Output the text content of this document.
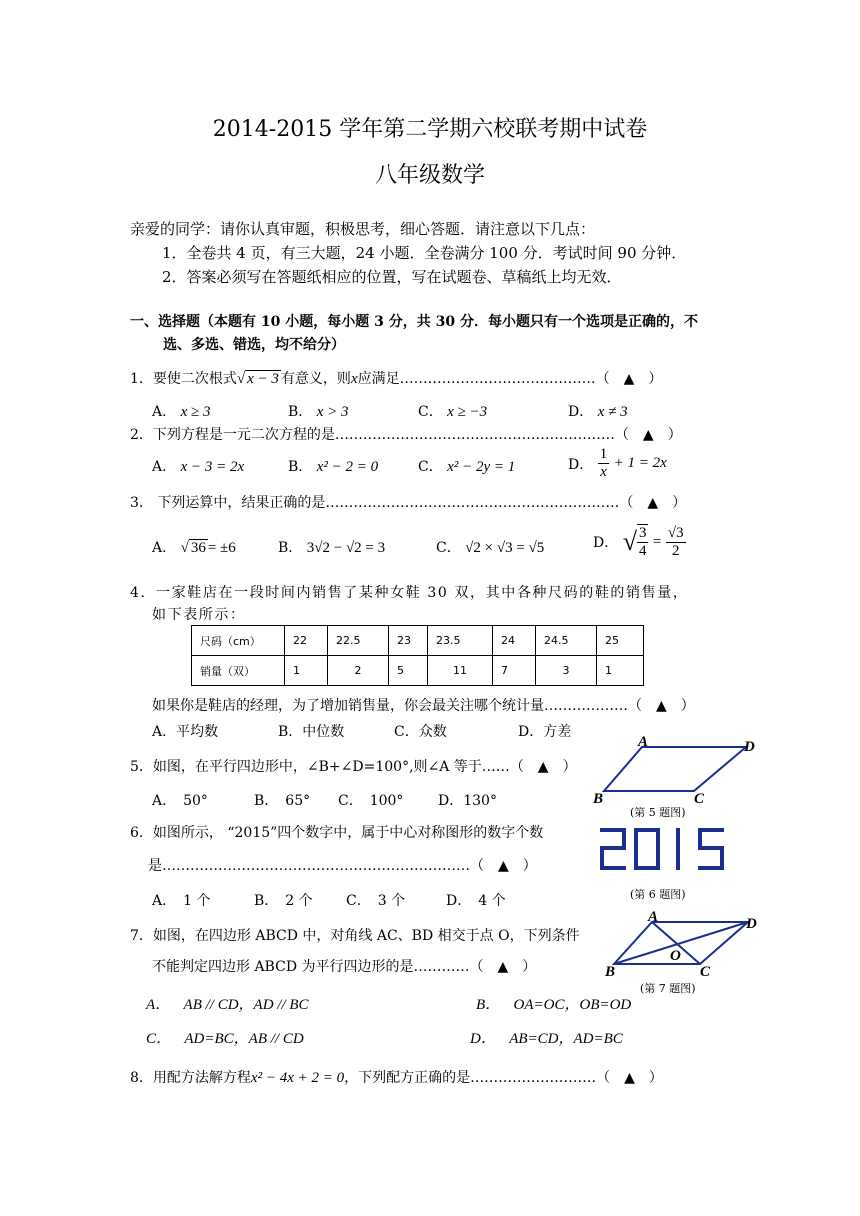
2014-2015 学年第二学期六校联考期中试卷
八年级数学
亲爱的同学：请你认真审题，积极思考，细心答题．请注意以下几点：
1．全卷共 4 页，有三大题，24 小题．全卷满分 100 分．考试时间 90 分钟．
2．答案必须写在答题纸相应的位置，写在试题卷、草稿纸上均无效．
一、选择题（本题有 10 小题，每小题 3 分，共 30 分．每小题只有一个选项是正确的，不
选、多选、错选，均不给分）
1．要使二次根式√ x − 3 有意义，则x应满足……………………………………（　▲　）
A． x ≥ 3	B． x > 3	C． x ≥ −3	D． x ≠ 3
2．下列方程是一元二次方程的是……………………………………………………（　▲　）
A． x − 3 = 2x	B． x² − 2 = 0	C． x² − 2y = 1	D． $\frac{1}{x} + 1 = 2x$
3． 下列运算中，结果正确的是………………………………………………………（　▲　）
A． √ 36 = ±6	B． 3√2 − √2 = 3	C． √2 × √3 = √5	D． √ $\frac{3}{4} = \frac{√3}{2}$
4．一家鞋店在一段时间内销售了某种女鞋 30 双，其中各种尺码的鞋的销售量，
如下表所示：
尺码（cm）	22	22.5	23	23.5	24	24.5	25
销量（双）	1	2	5	11	7	3	1
如果你是鞋店的经理，为了增加销售量，你会最关注哪个统计量………………（　▲　）
A．平均数	B．中位数	C．众数	D．方差
5．如图，在平行四边形中，∠B+∠D=100°,则∠A 等于……（　▲　）
A．　50°	B．　65° C．　100° D．130°
A	D
B	C
(第 5 题图)
6．如图所示， “2015”四个数字中，属于中心对称图形的数字个数
是…………………………………………………………（　▲　）
A．　1 个	B．　2 个 C．　3 个	D．　4 个
2015
(第 6 题图)
7．如图，在四边形 ABCD 中，对角线 AC、BD 相交于点 O，下列条件
不能判定四边形 ABCD 为平行四边形的是…………（　▲　）
A． AB // CD，AD // BC	B． OA=OC，OB=OD
C． AD=BC，AB // CD	D． AB=CD，AD=BC
A	D
B	C
O
(第 7 题图)
8．用配方法解方程x² − 4x + 2 = 0，下列配方正确的是………………………（　▲　）
